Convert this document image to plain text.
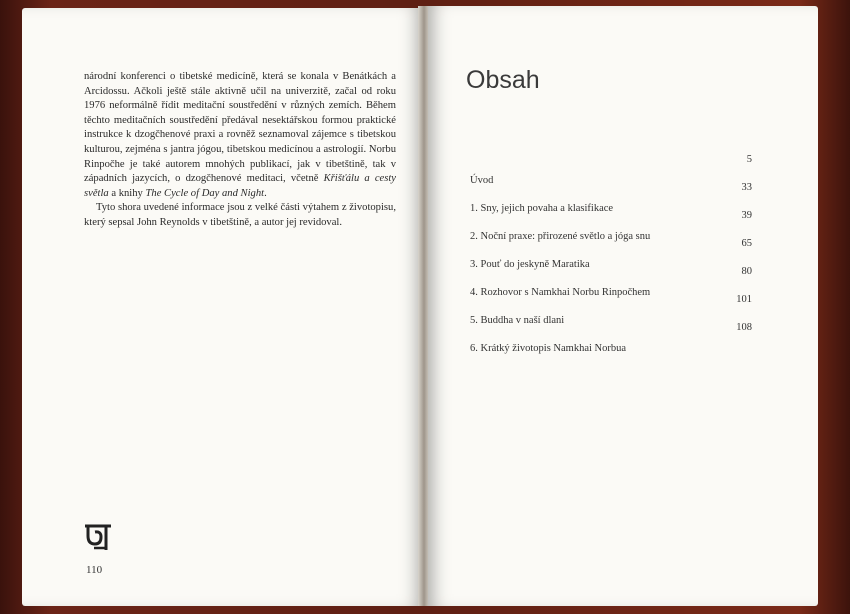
národní konferenci o tibetské medicíně, která se konala v Benátkách a Arcidossu. Ačkoli ještě stále aktivně učil na univerzitě, začal od roku 1976 neformálně řídit meditační soustředění v různých zemích. Během těchto meditačních soustředění předával nesektářskou formou praktické instrukce k dzogčhenové praxi a rovněž seznamoval zájemce s tibetskou kulturou, zejména s jantra jógou, tibetskou medicínou a astrologií. Norbu Rinpočhe je také autorem mnohých publikací, jak v tibetštině, tak v západních jazycích, o dzogčhenové meditaci, včetně Křišťálu a cesty světla a knihy The Cycle of Day and Night.

Tyto shora uvedené informace jsou z velké části výtahem z životopisu, který sepsal John Reynolds v tibetštině, a autor jej revidoval.

110
Obsah
Úvod
5
1. Sny, jejich povaha a klasifikace
33
2. Noční praxe: přirozené světlo a jóga snu
39
3. Pouť do jeskyně Maratika
65
4. Rozhovor s Namkhai Norbu Rinpočhem
80
5. Buddha v naší dlani
101
6. Krátký životopis Namkhai Norbua
108
